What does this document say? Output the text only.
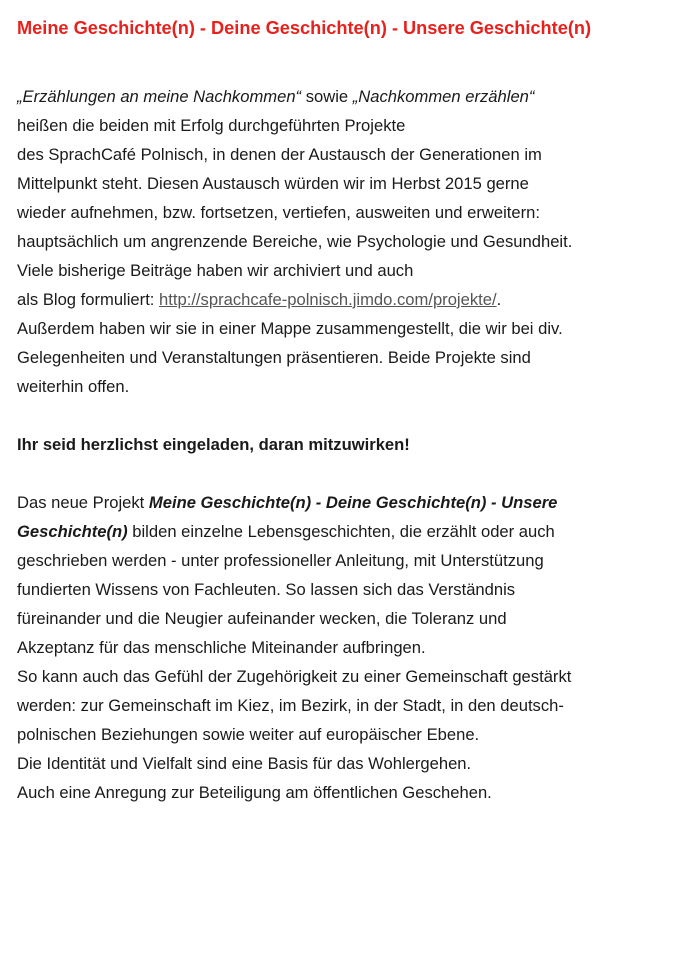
Meine Geschichte(n) - Deine Geschichte(n) - Unsere Geschichte(n)

„Erzählungen an meine Nachkommen“ sowie „Nachkommen erzählen“
heißen die beiden mit Erfolg durchgeführten Projekte
des SprachCafé Polnisch, in denen der Austausch der Generationen im
Mittelpunkt steht. Diesen Austausch würden wir im Herbst 2015 gerne
wieder aufnehmen, bzw. fortsetzen, vertiefen, ausweiten und erweitern:
hauptsächlich um angrenzende Bereiche, wie Psychologie und Gesundheit.
Viele bisherige Beiträge haben wir archiviert und auch
als Blog formuliert: http://sprachcafe-polnisch.jimdo.com/projekte/.
Außerdem haben wir sie in einer Mappe zusammengestellt, die wir bei div.
Gelegenheiten und Veranstaltungen präsentieren. Beide Projekte sind
weiterhin offen.

Ihr seid herzlichst eingeladen, daran mitzuwirken!

Das neue Projekt Meine Geschichte(n) - Deine Geschichte(n) - Unsere
Geschichte(n) bilden einzelne Lebensgeschichten, die erzählt oder auch
geschrieben werden - unter professioneller Anleitung, mit Unterstützung
fundierten Wissens von Fachleuten. So lassen sich das Verständnis
füreinander und die Neugier aufeinander wecken, die Toleranz und
Akzeptanz für das menschliche Miteinander aufbringen.
So kann auch das Gefühl der Zugehörigkeit zu einer Gemeinschaft gestärkt
werden: zur Gemeinschaft im Kiez, im Bezirk, in der Stadt, in den deutsch-
polnischen Beziehungen sowie weiter auf europäischer Ebene.
Die Identität und Vielfalt sind eine Basis für das Wohlergehen.
Auch eine Anregung zur Beteiligung am öffentlichen Geschehen.
